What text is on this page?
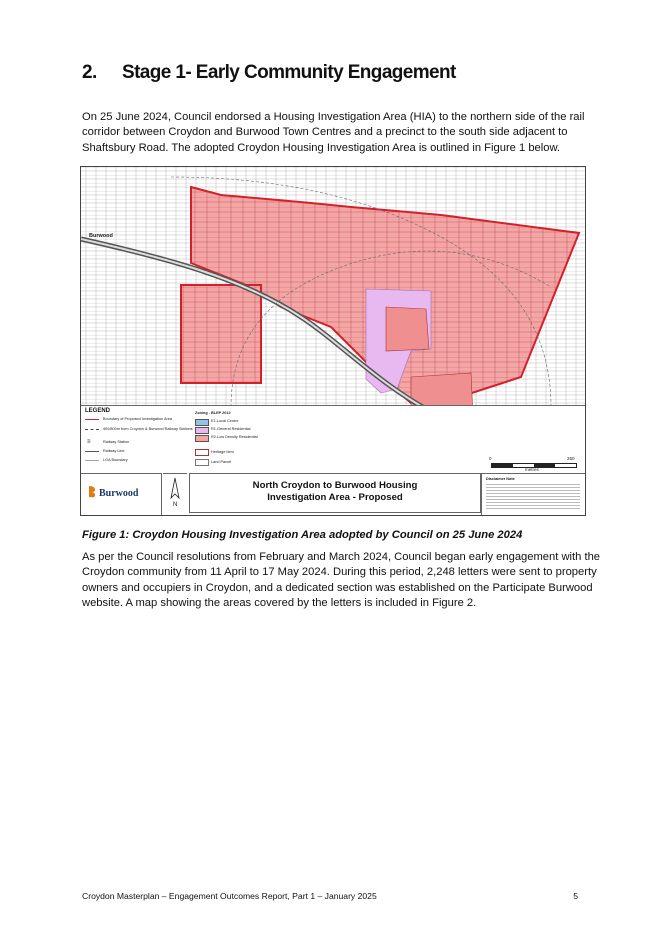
2. Stage 1- Early Community Engagement

On 25 June 2024, Council endorsed a Housing Investigation Area (HIA) to the northern side of the rail corridor between Croydon and Burwood Town Centres and a precinct to the south side adjacent to Shaftsbury Road. The adopted Croydon Housing Investigation Area is outlined in Figure 1 below.

Burwood
LEGEND
Boundary of Proposed Investigation Area
400/800m from Croydon & Burwood Railway Stations
≡	Railway Station
Railway Line
LGA Boundary
Zoning - BLEP 2012
E1-Local Centre
R1-General Residential
R2-Low Density Residential
Heritage Item
Land Parcel
0	250
metres
Burwood
N
North Croydon to Burwood Housing
Investigation Area - Proposed
Disclaimer Note

Figure 1: Croydon Housing Investigation Area adopted by Council on 25 June 2024

As per the Council resolutions from February and March 2024, Council began early engagement with the Croydon community from 11 April to 17 May 2024. During this period, 2,248 letters were sent to property owners and occupiers in Croydon, and a dedicated section was established on the Participate Burwood website. A map showing the areas covered by the letters is included in Figure 2.

Croydon Masterplan – Engagement Outcomes Report, Part 1 – January 2025	5
